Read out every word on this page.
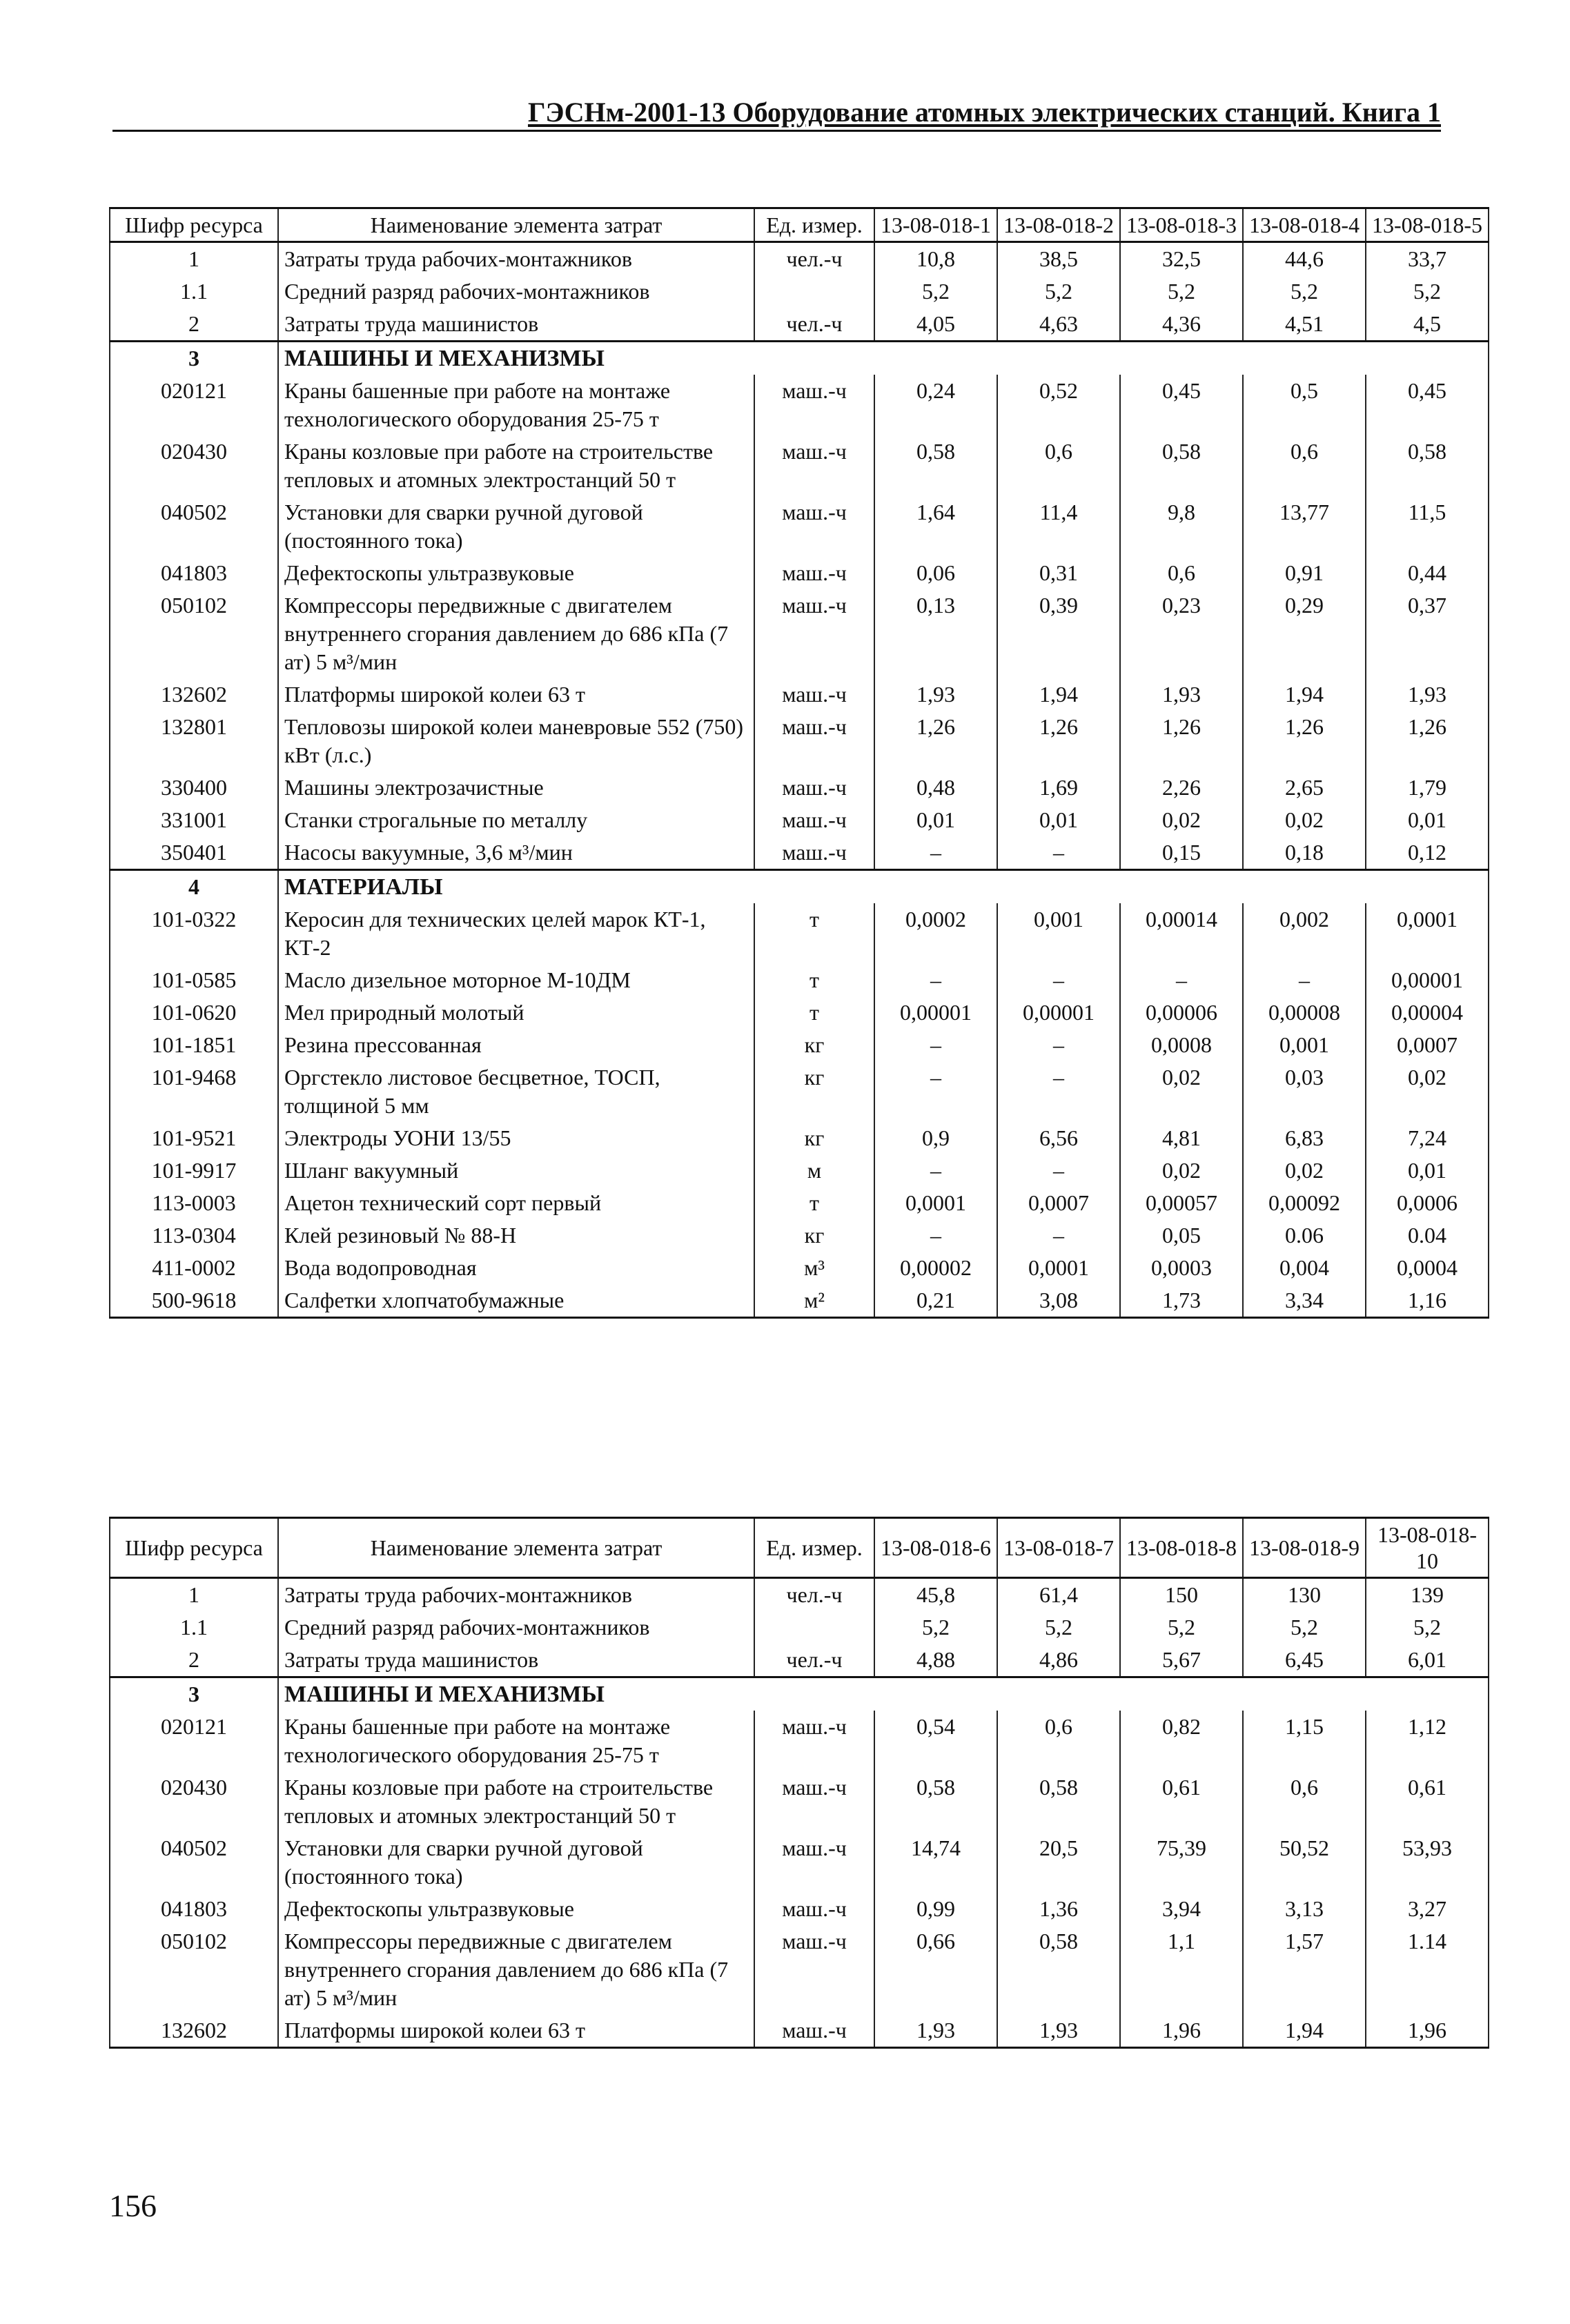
ГЭСНм-2001-13 Оборудование атомных электрических станций. Книга 1
Шифр ресурса	Наименование элемента затрат	Ед. измер.	13-08-018-1	13-08-018-2	13-08-018-3	13-08-018-4	13-08-018-5
1	Затраты труда рабочих-монтажников	чел.-ч	10,8	38,5	32,5	44,6	33,7
1.1	Средний разряд рабочих-монтажников		5,2	5,2	5,2	5,2	5,2
2	Затраты труда машинистов	чел.-ч	4,05	4,63	4,36	4,51	4,5
3	МАШИНЫ И МЕХАНИЗМЫ						
020121	Краны башенные при работе на монтаже технологического оборудования 25-75 т	маш.-ч	0,24	0,52	0,45	0,5	0,45
020430	Краны козловые при работе на строительстве тепловых и атомных электростанций 50 т	маш.-ч	0,58	0,6	0,58	0,6	0,58
040502	Установки для сварки ручной дуговой (постоянного тока)	маш.-ч	1,64	11,4	9,8	13,77	11,5
041803	Дефектоскопы ультразвуковые	маш.-ч	0,06	0,31	0,6	0,91	0,44
050102	Компрессоры передвижные с двигателем внутреннего сгорания давлением до 686 кПа (7 ат) 5 м³/мин	маш.-ч	0,13	0,39	0,23	0,29	0,37
132602	Платформы широкой колеи 63 т	маш.-ч	1,93	1,94	1,93	1,94	1,93
132801	Тепловозы широкой колеи маневровые 552 (750) кВт (л.с.)	маш.-ч	1,26	1,26	1,26	1,26	1,26
330400	Машины электрозачистные	маш.-ч	0,48	1,69	2,26	2,65	1,79
331001	Станки строгальные по металлу	маш.-ч	0,01	0,01	0,02	0,02	0,01
350401	Насосы вакуумные, 3,6 м³/мин	маш.-ч	–	–	0,15	0,18	0,12
4	МАТЕРИАЛЫ						
101-0322	Керосин для технических целей марок КТ-1, КТ-2	т	0,0002	0,001	0,00014	0,002	0,0001
101-0585	Масло дизельное моторное М-10ДМ	т	–	–	–	–	0,00001
101-0620	Мел природный молотый	т	0,00001	0,00001	0,00006	0,00008	0,00004
101-1851	Резина прессованная	кг	–	–	0,0008	0,001	0,0007
101-9468	Оргстекло листовое бесцветное, ТОСП, толщиной 5 мм	кг	–	–	0,02	0,03	0,02
101-9521	Электроды УОНИ 13/55	кг	0,9	6,56	4,81	6,83	7,24
101-9917	Шланг вакуумный	м	–	–	0,02	0,02	0,01
113-0003	Ацетон технический сорт первый	т	0,0001	0,0007	0,00057	0,00092	0,0006
113-0304	Клей резиновый № 88-Н	кг	–	–	0,05	0.06	0.04
411-0002	Вода водопроводная	м³	0,00002	0,0001	0,0003	0,004	0,0004
500-9618	Салфетки хлопчатобумажные	м²	0,21	3,08	1,73	3,34	1,16
Шифр ресурса	Наименование элемента затрат	Ед. измер.	13-08-018-6	13-08-018-7	13-08-018-8	13-08-018-9	13-08-018-10
1	Затраты труда рабочих-монтажников	чел.-ч	45,8	61,4	150	130	139
1.1	Средний разряд рабочих-монтажников		5,2	5,2	5,2	5,2	5,2
2	Затраты труда машинистов	чел.-ч	4,88	4,86	5,67	6,45	6,01
3	МАШИНЫ И МЕХАНИЗМЫ						
020121	Краны башенные при работе на монтаже технологического оборудования 25-75 т	маш.-ч	0,54	0,6	0,82	1,15	1,12
020430	Краны козловые при работе на строительстве тепловых и атомных электростанций 50 т	маш.-ч	0,58	0,58	0,61	0,6	0,61
040502	Установки для сварки ручной дуговой (постоянного тока)	маш.-ч	14,74	20,5	75,39	50,52	53,93
041803	Дефектоскопы ультразвуковые	маш.-ч	0,99	1,36	3,94	3,13	3,27
050102	Компрессоры передвижные с двигателем внутреннего сгорания давлением до 686 кПа (7 ат) 5 м³/мин	маш.-ч	0,66	0,58	1,1	1,57	1.14
132602	Платформы широкой колеи 63 т	маш.-ч	1,93	1,93	1,96	1,94	1,96
156
